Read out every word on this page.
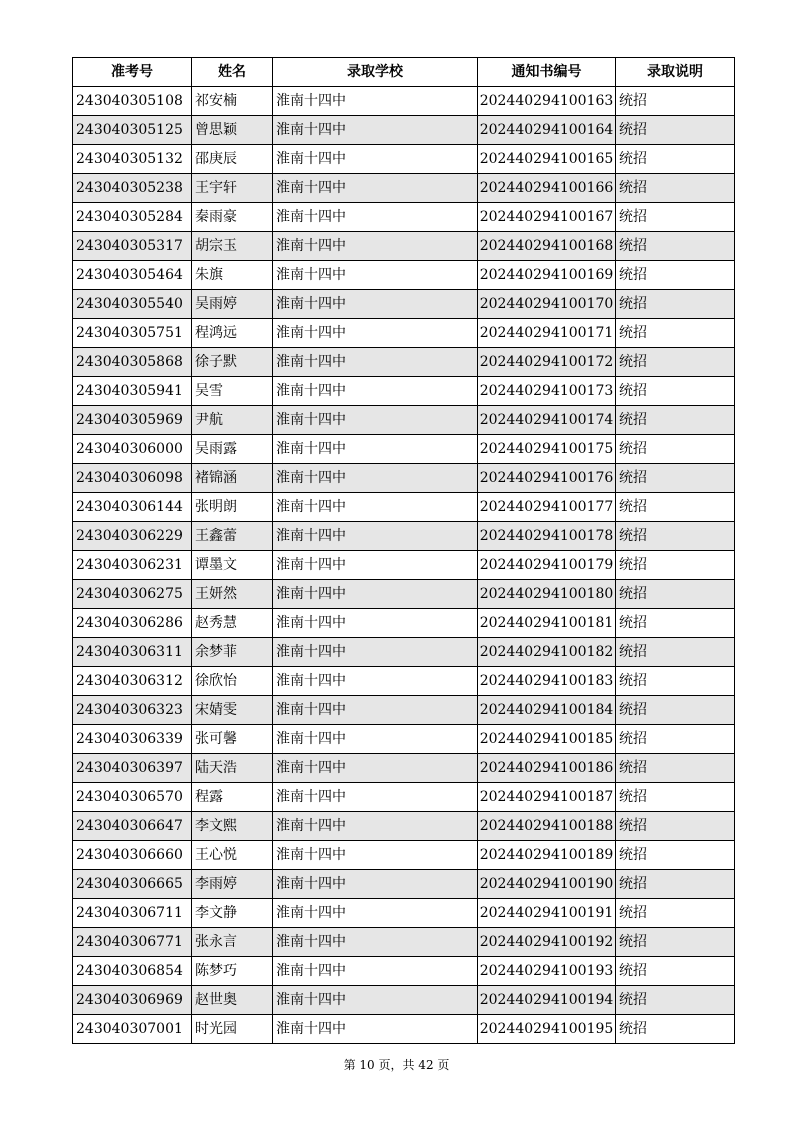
准考号	姓名	录取学校	通知书编号	录取说明
243040305108	祁安楠	淮南十四中	202440294100163	统招
243040305125	曾思颖	淮南十四中	202440294100164	统招
243040305132	邵庚辰	淮南十四中	202440294100165	统招
243040305238	王宇轩	淮南十四中	202440294100166	统招
243040305284	秦雨豪	淮南十四中	202440294100167	统招
243040305317	胡宗玉	淮南十四中	202440294100168	统招
243040305464	朱旗	淮南十四中	202440294100169	统招
243040305540	吴雨婷	淮南十四中	202440294100170	统招
243040305751	程鸿远	淮南十四中	202440294100171	统招
243040305868	徐子默	淮南十四中	202440294100172	统招
243040305941	吴雪	淮南十四中	202440294100173	统招
243040305969	尹航	淮南十四中	202440294100174	统招
243040306000	吴雨露	淮南十四中	202440294100175	统招
243040306098	褚锦涵	淮南十四中	202440294100176	统招
243040306144	张明朗	淮南十四中	202440294100177	统招
243040306229	王鑫蕾	淮南十四中	202440294100178	统招
243040306231	谭墨文	淮南十四中	202440294100179	统招
243040306275	王妍然	淮南十四中	202440294100180	统招
243040306286	赵秀慧	淮南十四中	202440294100181	统招
243040306311	余梦菲	淮南十四中	202440294100182	统招
243040306312	徐欣怡	淮南十四中	202440294100183	统招
243040306323	宋婧雯	淮南十四中	202440294100184	统招
243040306339	张可馨	淮南十四中	202440294100185	统招
243040306397	陆天浩	淮南十四中	202440294100186	统招
243040306570	程露	淮南十四中	202440294100187	统招
243040306647	李文熙	淮南十四中	202440294100188	统招
243040306660	王心悦	淮南十四中	202440294100189	统招
243040306665	李雨婷	淮南十四中	202440294100190	统招
243040306711	李文静	淮南十四中	202440294100191	统招
243040306771	张永言	淮南十四中	202440294100192	统招
243040306854	陈梦巧	淮南十四中	202440294100193	统招
243040306969	赵世奥	淮南十四中	202440294100194	统招
243040307001	时光园	淮南十四中	202440294100195	统招
第 10 页，共 42 页
